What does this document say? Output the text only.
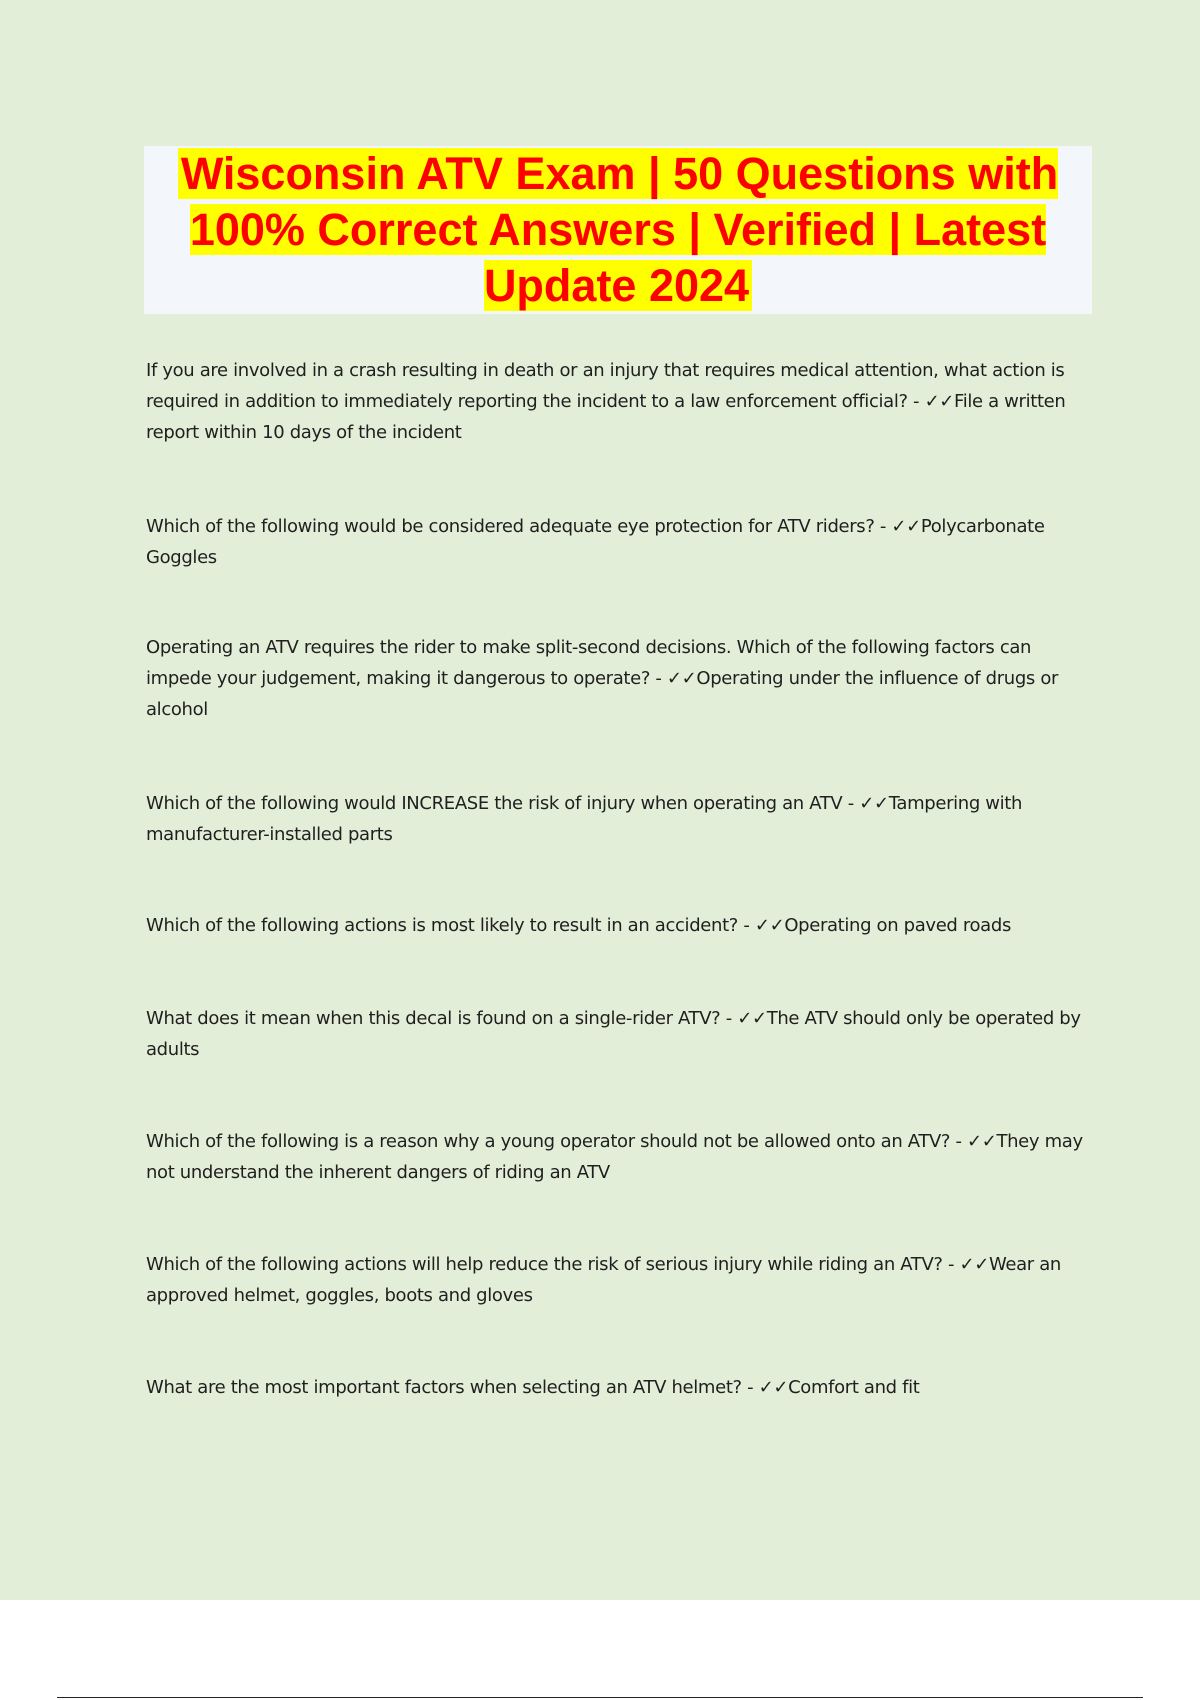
Wisconsin ATV Exam | 50 Questions with 100% Correct Answers | Verified | Latest Update 2024

If you are involved in a crash resulting in death or an injury that requires medical attention, what action is required in addition to immediately reporting the incident to a law enforcement official? - ✓✓File a written report within 10 days of the incident

Which of the following would be considered adequate eye protection for ATV riders? - ✓✓Polycarbonate Goggles

Operating an ATV requires the rider to make split-second decisions. Which of the following factors can impede your judgement, making it dangerous to operate? - ✓✓Operating under the influence of drugs or alcohol

Which of the following would INCREASE the risk of injury when operating an ATV - ✓✓Tampering with manufacturer-installed parts

Which of the following actions is most likely to result in an accident? - ✓✓Operating on paved roads

What does it mean when this decal is found on a single-rider ATV? - ✓✓The ATV should only be operated by adults

Which of the following is a reason why a young operator should not be allowed onto an ATV? - ✓✓They may not understand the inherent dangers of riding an ATV

Which of the following actions will help reduce the risk of serious injury while riding an ATV? - ✓✓Wear an approved helmet, goggles, boots and gloves

What are the most important factors when selecting an ATV helmet? - ✓✓Comfort and fit
